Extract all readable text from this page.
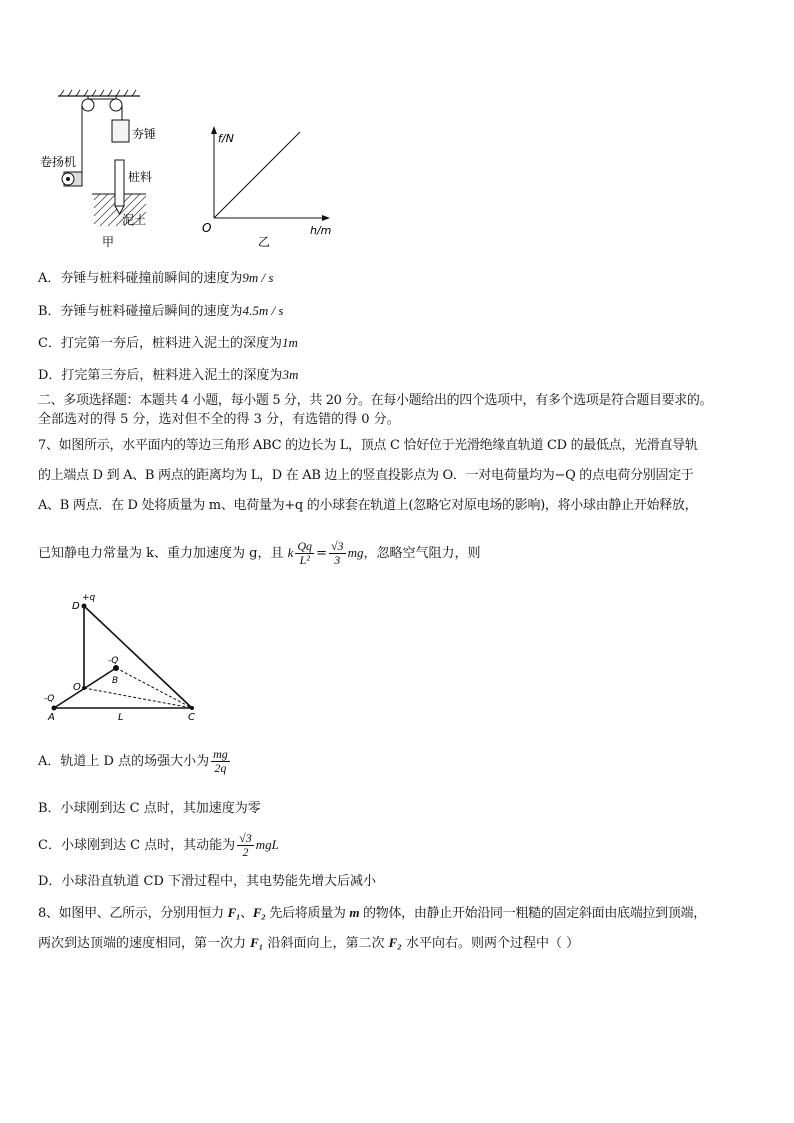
卷扬机
夯锤
桩料
泥土
甲
f/N
h/m
O
乙
A．夯锤与桩料碰撞前瞬间的速度为9m / s
B．夯锤与桩料碰撞后瞬间的速度为4.5m / s
C．打完第一夯后，桩料进入泥土的深度为1m
D．打完第三夯后，桩料进入泥土的深度为3m
二、多项选择题：本题共 4 小题，每小题 5 分，共 20 分。在每小题给出的四个选项中，有多个选项是符合题目要求的。
全部选对的得 5 分，选对但不全的得 3 分，有选错的得 0 分。
7、如图所示，水平面内的等边三角形 ABC 的边长为 L，顶点 C 恰好位于光滑绝缘直轨道 CD 的最低点，光滑直导轨
的上端点 D 到 A、B 两点的距离均为 L，D 在 AB 边上的竖直投影点为 O．一对电荷量均为−Q 的点电荷分别固定于
A、B 两点．在 D 处将质量为 m、电荷量为+q 的小球套在轨道上(忽略它对原电场的影响)，将小球由静止开始释放，
已知静电力常量为 k、重力加速度为 g，且 k $\frac{Qq}{\text{L²}} = \frac{√3}{3}$ mg，忽略空气阻力，则
D
+q
-Q
B
O
-Q
A	L	C
A．轨道上 D 点的场强大小为 $\frac{mg}{2q}$
B．小球刚到达 C 点时，其加速度为零
C．小球刚到达 C 点时，其动能为 $\frac{√3}{2}$ mgL
D．小球沿直轨道 CD 下滑过程中，其电势能先增大后减小
8、如图甲、乙所示，分别用恒力 F₁、F₂ 先后将质量为 m 的物体，由静止开始沿同一粗糙的固定斜面由底端拉到顶端，
两次到达顶端的速度相同，第一次力 F₁ 沿斜面向上，第二次 F₂ 水平向右。则两个过程中（ ）
